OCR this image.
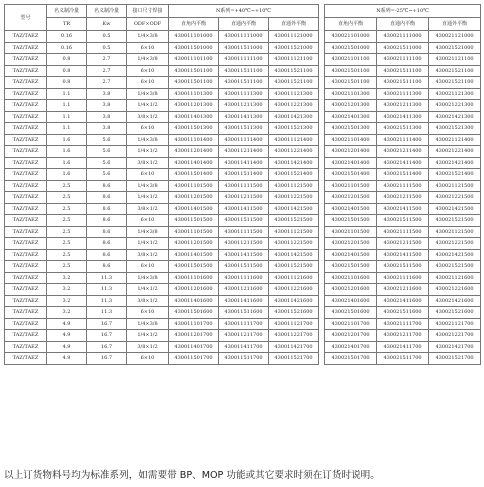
型号	名义制冷量	名义制冷量	接口尺寸焊接	N系列=+40℃~+10℃				N系列=-25℃~+10℃		
	TR	Kw	ODF×ODF	直角内平衡	直通内平衡	直通外平衡		直角内平衡	直通内平衡	直通外平衡
TAZ/TAEZ	0.16	0.5	1/4×3/8	430011101000	430011111000	430011121000		430021101000	430021111000	430021121000
TAZ/TAEZ	0.16	0.5	6×10	430011501000	430011511000	430011521000		430021501000	430021511000	430021521000
TAZ/TAEZ	0.8	2.7	1/4×3/8	430011101100	430011111100	430011121100		430021101100	430021111100	430021121100
TAZ/TAEZ	0.8	2.7	6×10	430011501100	430011511100	430011521100		430021501100	430021511100	430021521100
TAZ/TAEZ	0.8	2.7	6×10	430011501100	430011511100	430011521100		430021501100	430021511100	430021521100
TAZ/TAEZ	1.1	3.8	1/4×3/8	430011101300	430011111300	430011121300		430021101300	430021111300	430021121300
TAZ/TAEZ	1.1	3.8	1/4×1/2	430011201300	430011211300	430011221300		430021201300	430021211300	430021221300
TAZ/TAEZ	1.1	3.8	3/8×1/2	430011401300	430011411300	430011421300		430021401300	430021411300	430021421300
TAZ/TAEZ	1.1	3.8	6×10	430011501300	430011511300	430011521300		430021501300	430021511300	430021521300
TAZ/TAEZ	1.6	5.6	1/4×3/8	430011101400	430011111400	430011121400		430021101400	430021111400	430021121400
TAZ/TAEZ	1.6	5.6	1/4×1/2	430011201400	430011211400	430011221400		430021201400	430021211400	430021221400
TAZ/TAEZ	1.6	5.6	3/8×1/2	430011401400	430011411400	430011421400		430021401400	430021411400	430021421400
TAZ/TAEZ	1.6	5.6	6×10	430011501400	430011511400	430011521400		430021501400	430021511400	430021521400
TAZ/TAEZ	2.5	8.6	1/4×3/8	430011101500	430011111500	430011121500		430021101500	430021111500	430021121500
TAZ/TAEZ	2.5	8.6	1/4×1/2	430011201500	430011211500	430011221500		430021201500	430021211500	430021221500
TAZ/TAEZ	2.5	8.6	3/8×1/2	430011401500	430011411500	430011421500		430021401500	430021411500	430021421500
TAZ/TAEZ	2.5	8.6	6×10	430011501500	430011511500	430011521500		430021501500	430021511500	430021521500
TAZ/TAEZ	2.5	8.6	1/4×3/8	430011101500	430011111500	430011121500		430021101500	430021111500	430021121500
TAZ/TAEZ	2.5	8.6	1/4×1/2	430011201500	430011211500	430011221500		430021201500	430021211500	430021221500
TAZ/TAEZ	2.5	8.6	3/8×1/2	430011401500	430011411500	430011421500		430021401500	430021411500	430021421500
TAZ/TAEZ	2.5	8.6	6×10	430011501500	430011511500	430011521500		430021501500	430021511500	430021521500
TAZ/TAEZ	3.2	11.3	1/4×3/8	430011101600	430011111600	430011121600		430021101600	430021111600	430021121600
TAZ/TAEZ	3.2	11.3	1/4×1/2	430011201600	430011211600	430011221600		430021201600	430021211600	430021221600
TAZ/TAEZ	3.2	11.3	3/8×1/2	430011401600	430011411600	430011421600		430021401600	430021411600	430021421600
TAZ/TAEZ	3.2	11.3	6×10	430011501600	430011511600	430011521600		430021501600	430021511600	430021521600
TAZ/TAEZ	4.9	16.7	1/4×3/8	430011101700	430011111700	430011121700		430021101700	430021111700	430021121700
TAZ/TAEZ	4.9	16.7	1/4×1/2	430011201700	430011211700	430011221700		430021201700	430021211700	430021221700
TAZ/TAEZ	4.9	16.7	3/8×1/2	430011401700	430011411700	430011421700		430021401700	430021411700	430021421700
TAZ/TAEZ	4.9	16.7	6×10	430011501700	430011511700	430011521700		430021501700	430021511700	430021521700
以上订货物料号均为标准系列，如需要带 BP、MOP 功能或其它要求时须在订货时说明。
